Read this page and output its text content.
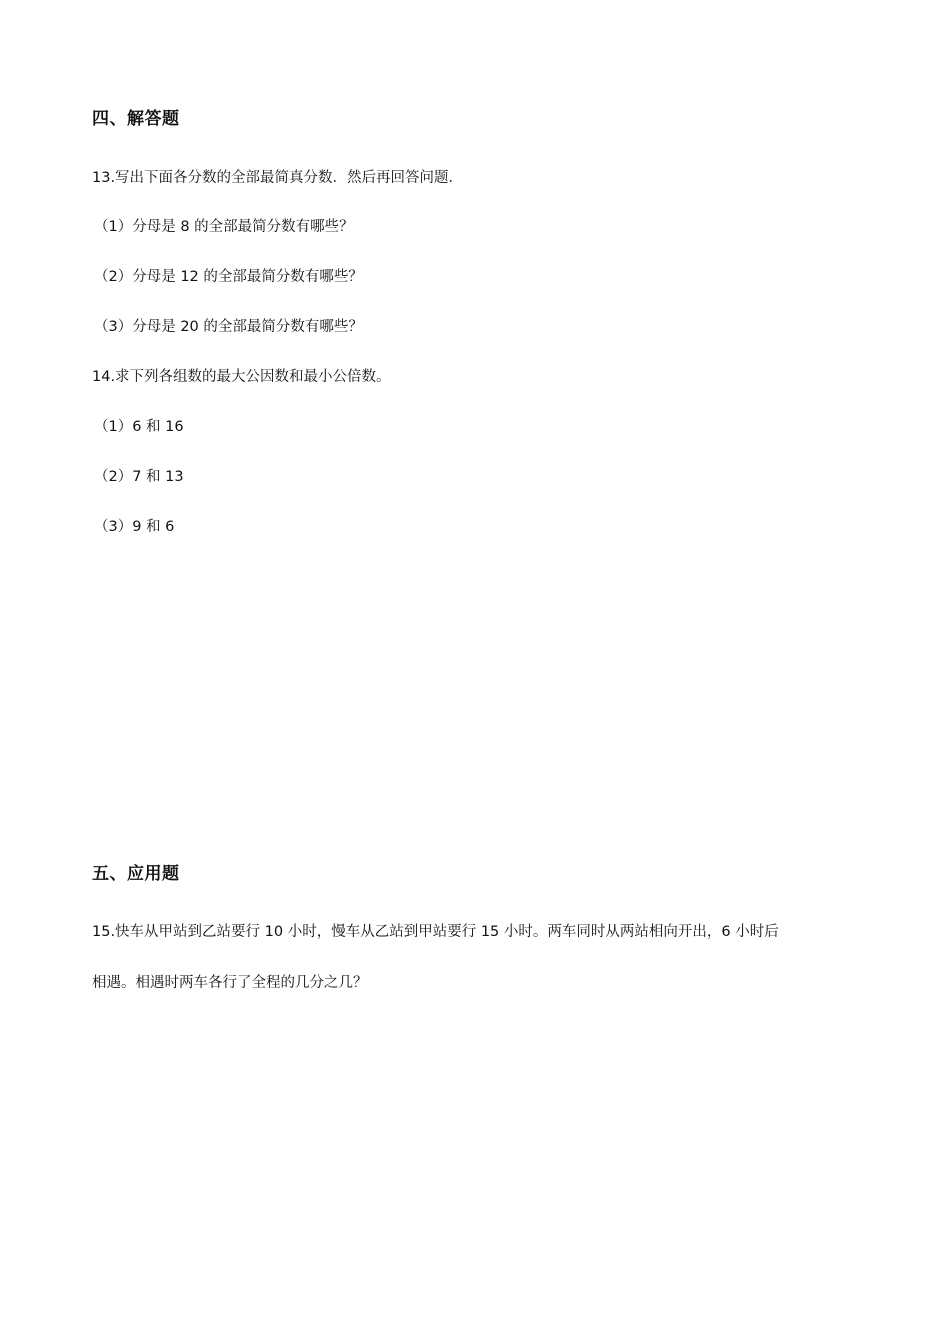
四、解答题
13.写出下面各分数的全部最简真分数．然后再回答问题．
（1）分母是 8 的全部最简分数有哪些？
（2）分母是 12 的全部最简分数有哪些？
（3）分母是 20 的全部最简分数有哪些？
14.求下列各组数的最大公因数和最小公倍数。
（1）6 和 16
（2）7 和 13
（3）9 和 6
五、应用题
15.快车从甲站到乙站要行 10 小时，慢车从乙站到甲站要行 15 小时。两车同时从两站相向开出，6 小时后
相遇。相遇时两车各行了全程的几分之几？
